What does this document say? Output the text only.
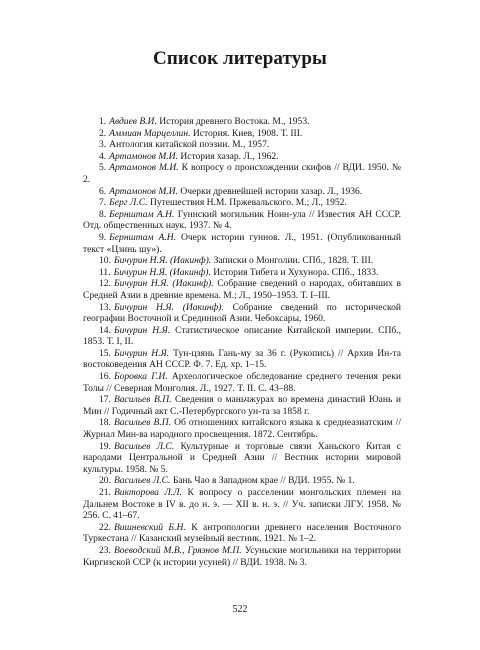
Список литературы

1. Авдиев В.И. История древнего Востока. М., 1953.

2. Аммиан Марцеллин. История. Киев, 1908. Т. III.

3. Антология китайской поэзии. М., 1957.

4. Артамонов М.И. История хазар. Л., 1962.

5. Артамонов М.И. К вопросу о происхождении скифов // ВДИ. 1950. № 2.

6. Артамонов М.И. Очерки древнейшей истории хазар. Л., 1936.

7. Берг Л.С. Путешествия Н.М. Пржевальского. М.; Л., 1952.

8. Бернштам А.Н. Гуннский могильник Ноин-ула // Известия АН СССР. Отд. общественных наук. 1937. № 4.

9. Бернштам А.Н. Очерк истории гуннов. Л., 1951. (Опубликованный текст «Цзинь шу»).

10. Бичурин Н.Я. (Иакинф). Записки о Монголии. СПб., 1828. Т. III.

11. Бичурин Н.Я. (Иакинф). История Тибета и Хухунора. СПб., 1833.

12. Бичурин Н.Я. (Иакинф). Собрание сведений о народах, обитавших в Средней Азии в древние времена. М.; Л., 1950–1953. Т. I–III.

13. Бичурин Н.Я. (Иакинф). Собрание сведений по исторической географии Восточной и Срединной Азии. Чебоксары, 1960.

14. Бичурин Н.Я. Статистическое описание Китайской империи. СПб., 1853. Т. I, II.

15. Бичурин Н.Я. Тун-цзянь Гань-му за 36 г. (Рукопись) // Архив Ин-та востоковедения АН СССР. Ф. 7. Ед. хр. 1–15.

16. Боровка Г.И. Археологическое обследование среднего течения реки Толы // Северная Монголия. Л., 1927. Т. II. С. 43–88.

17. Васильев В.П. Сведения о маньчжурах во времена династий Юань и Мин // Годичный акт С.-Петербургского ун-та за 1858 г.

18. Васильев В.П. Об отношениях китайского языка к среднеазиатским // Журнал Мин-ва народного просвещения. 1872. Сентябрь.

19. Васильев Л.С. Культурные и торговые связи Ханьского Китая с народами Центральной и Средней Азии // Вестник истории мировой культуры. 1958. № 5.

20. Васильев Л.С. Бань Чао в Западном крае // ВДИ. 1955. № 1.

21. Викторова Л.Л. К вопросу о расселении монгольских племен на Дальнем Востоке в IV в. до н. э. — XII в. н. э. // Уч. записки ЛГУ. 1958. № 256. С. 41–67.

22. Вишневский Б.Н. К антропологии древнего населения Восточного Туркестана // Казанский музейный вестник. 1921. № 1–2.

23. Воеводский М.В., Грязнов М.П. Усуньские могильники на территории Киргизской ССР (к истории усуней) // ВДИ. 1938. № 3.

522
